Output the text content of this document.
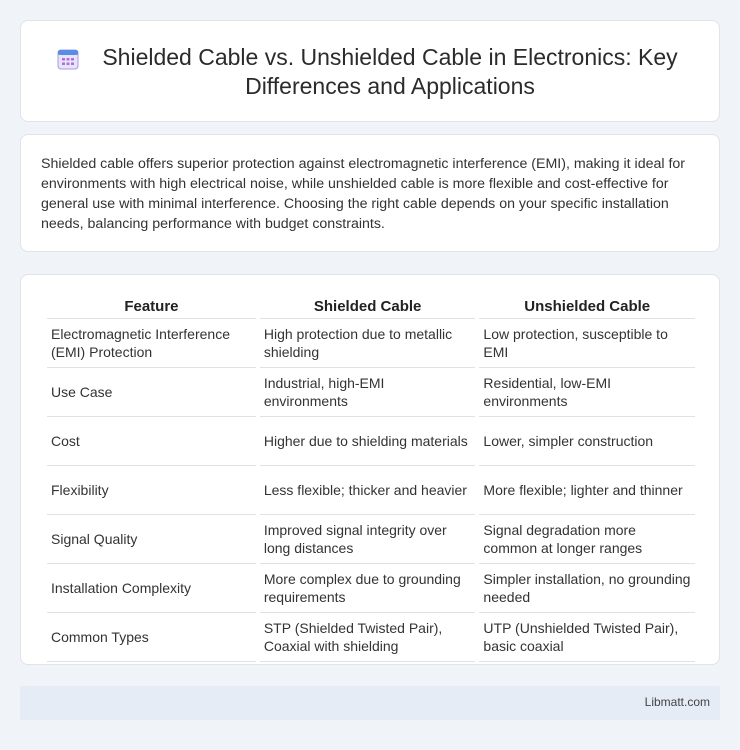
Shielded Cable vs. Unshielded Cable in Electronics: Key Differences and Applications

Shielded cable offers superior protection against electromagnetic interference (EMI), making it ideal for environments with high electrical noise, while unshielded cable is more flexible and cost-effective for general use with minimal interference. Choosing the right cable depends on your specific installation needs, balancing performance with budget constraints.

Feature	Shielded Cable	Unshielded Cable
Electromagnetic Interference (EMI) Protection	High protection due to metallic shielding	Low protection, susceptible to EMI
Use Case	Industrial, high-EMI environments	Residential, low-EMI environments
Cost	Higher due to shielding materials	Lower, simpler construction
Flexibility	Less flexible; thicker and heavier	More flexible; lighter and thinner
Signal Quality	Improved signal integrity over long distances	Signal degradation more common at longer ranges
Installation Complexity	More complex due to grounding requirements	Simpler installation, no grounding needed
Common Types	STP (Shielded Twisted Pair), Coaxial with shielding	UTP (Unshielded Twisted Pair), basic coaxial
Libmatt.com
